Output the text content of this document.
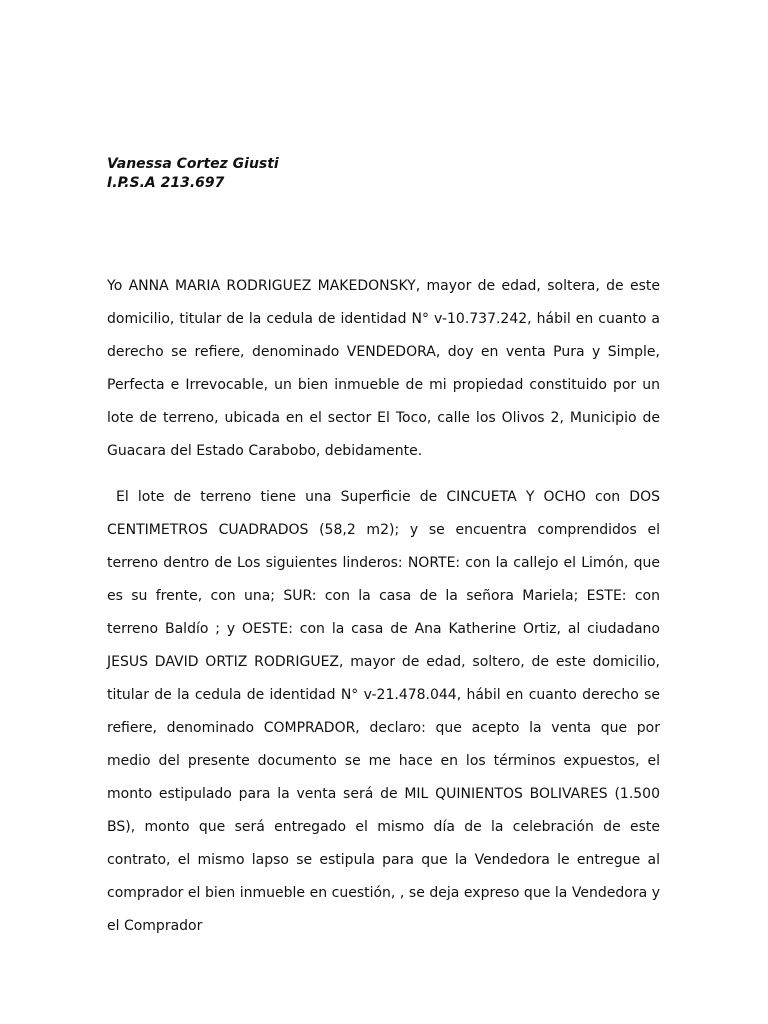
Vanessa Cortez Giusti
I.P.S.A 213.697

Yo ANNA MARIA RODRIGUEZ MAKEDONSKY, mayor de edad, soltera, de este domicilio, titular de la cedula de identidad N° v-10.737.242, hábil en cuanto a derecho se refiere, denominado VENDEDORA, doy en venta Pura y Simple, Perfecta e Irrevocable, un bien inmueble de mi propiedad constituido por un lote de terreno, ubicada en el sector El Toco, calle los Olivos 2, Municipio de Guacara del Estado Carabobo, debidamente.

El lote de terreno tiene una Superficie de CINCUETA Y OCHO con DOS CENTIMETROS CUADRADOS (58,2 m2); y se encuentra comprendidos el terreno dentro de Los siguientes linderos: NORTE: con la callejo el Limón, que es su frente, con una; SUR: con la casa de la señora Mariela; ESTE: con terreno Baldío ; y OESTE: con la casa de Ana Katherine Ortiz, al ciudadano JESUS DAVID ORTIZ RODRIGUEZ, mayor de edad, soltero, de este domicilio, titular de la cedula de identidad N° v-21.478.044, hábil en cuanto derecho se refiere, denominado COMPRADOR, declaro: que acepto la venta que por medio del presente documento se me hace en los términos expuestos, el monto estipulado para la venta será de MIL QUINIENTOS BOLIVARES (1.500 BS), monto que será entregado el mismo día de la celebración de este contrato, el mismo lapso se estipula para que la Vendedora le entregue al comprador el bien inmueble en cuestión, , se deja expreso que la Vendedora y el Comprador
